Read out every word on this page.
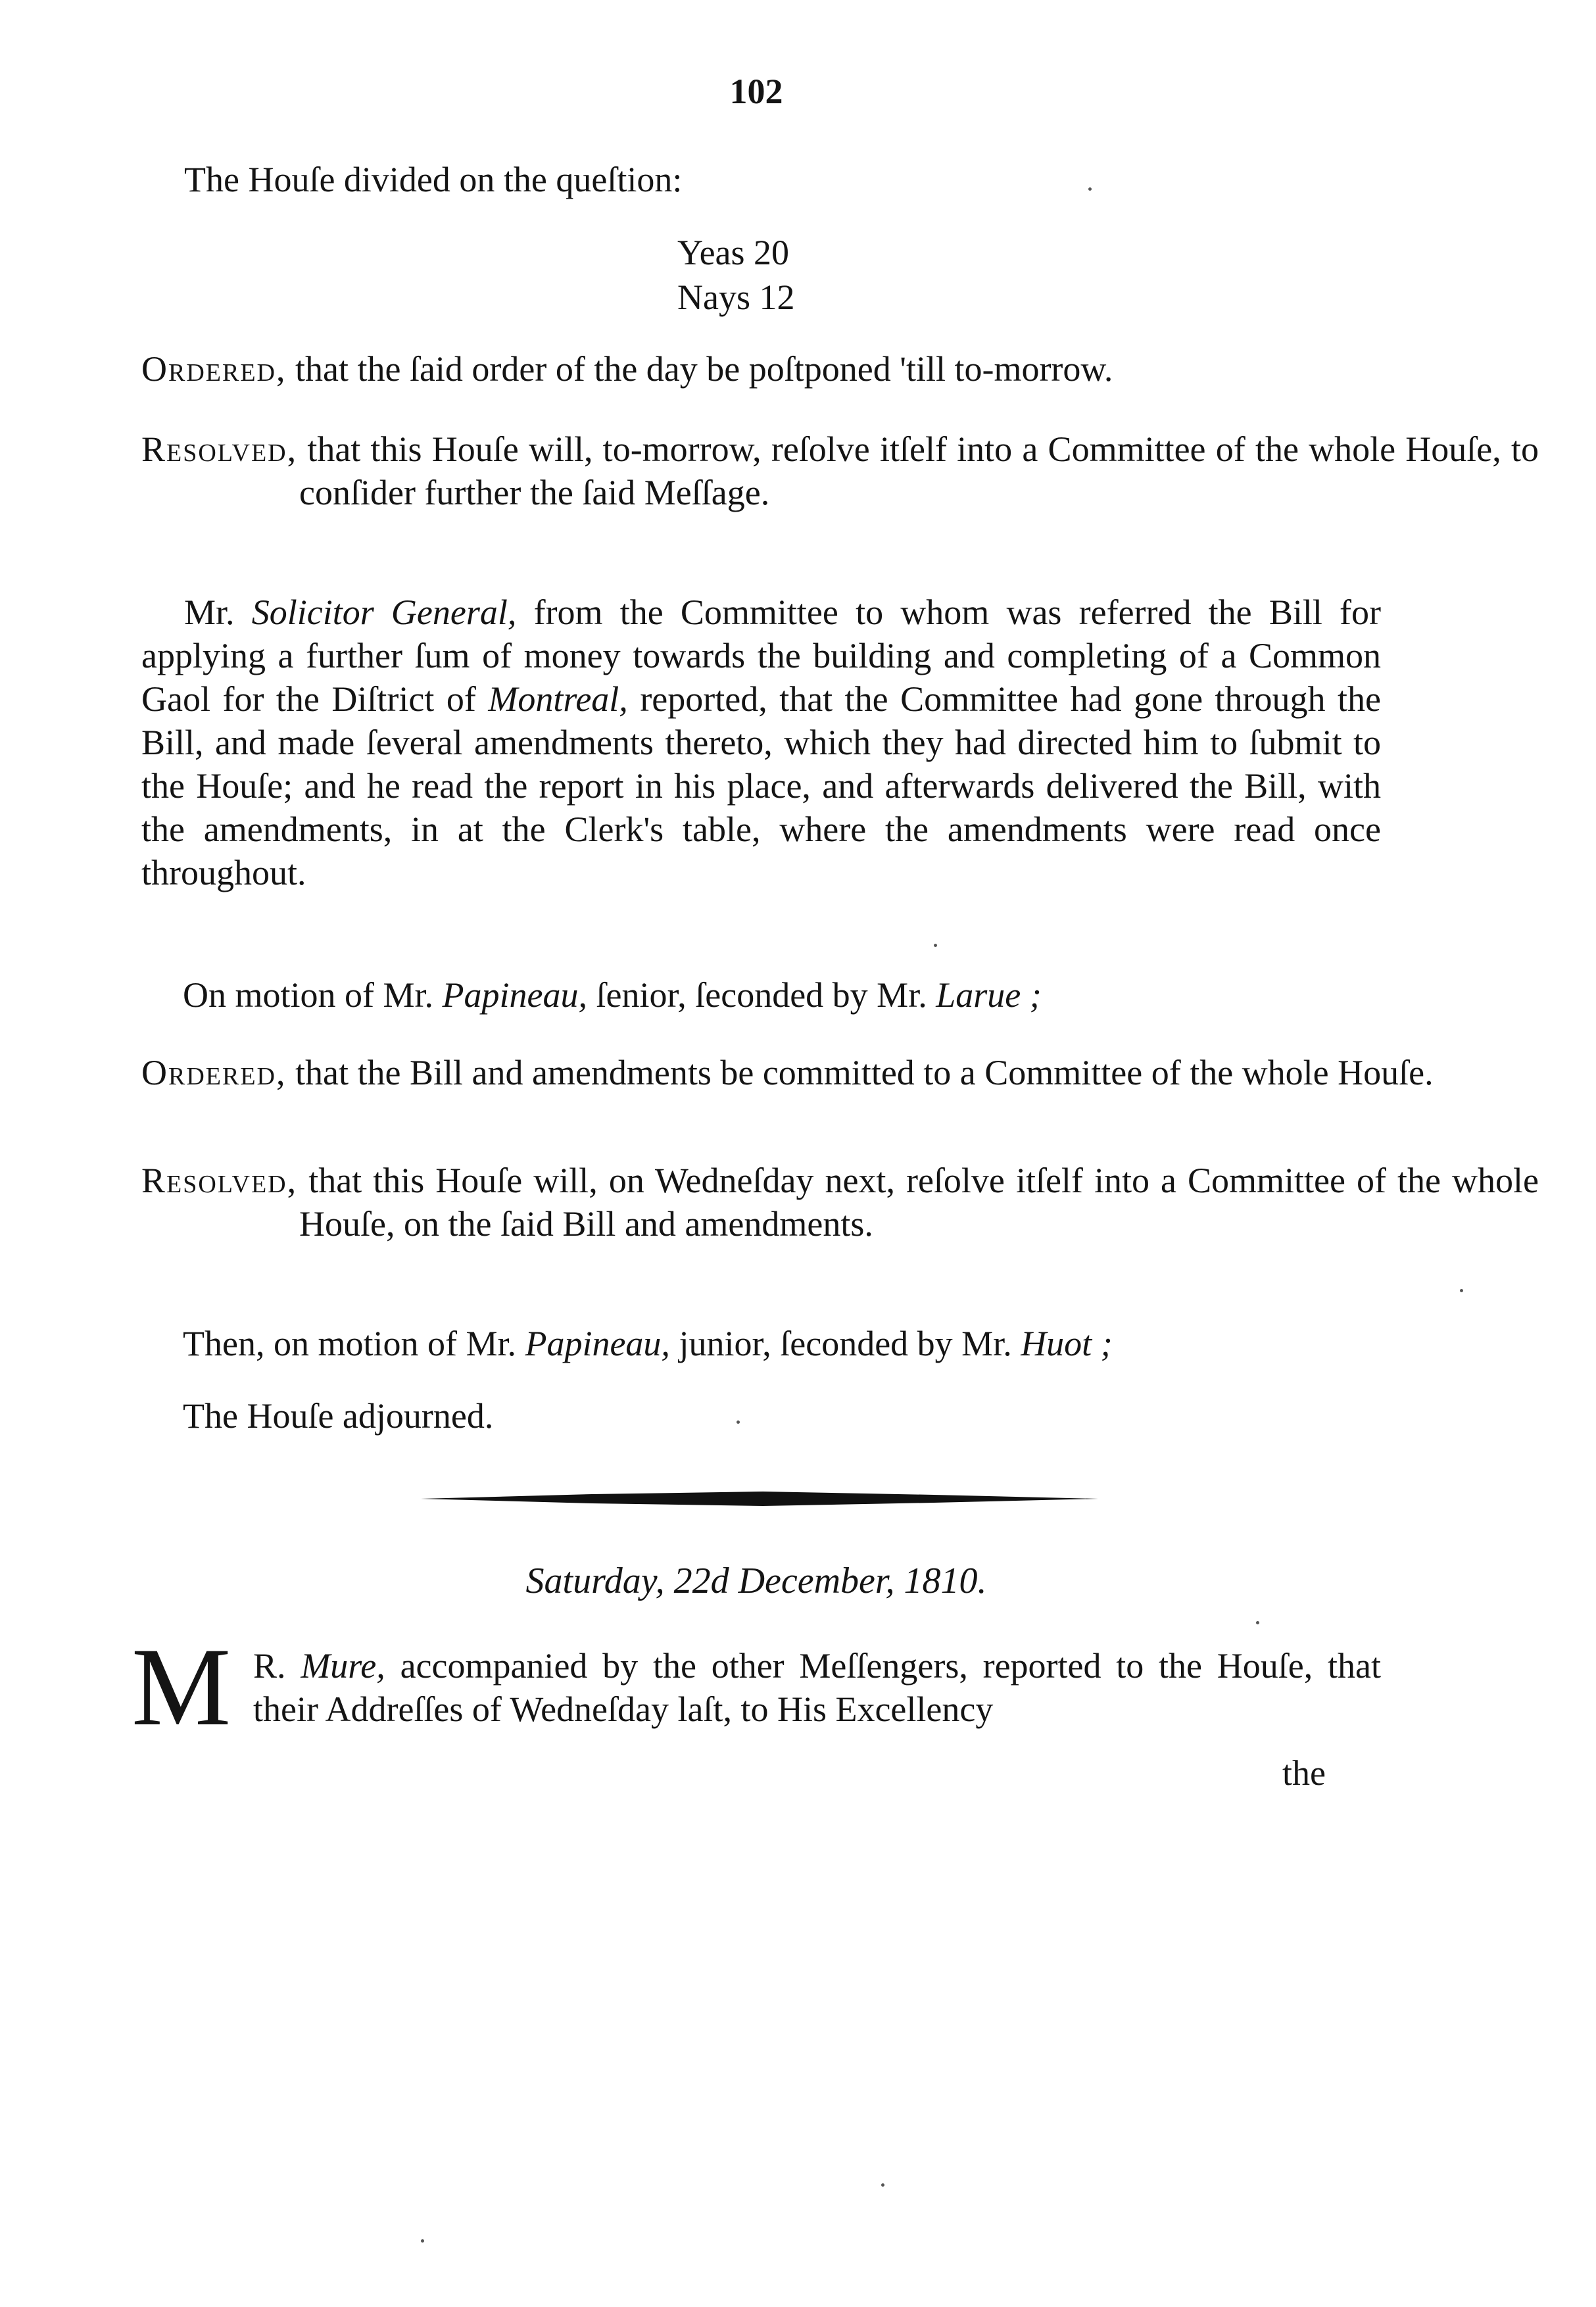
102

The Houſe divided on the queſtion:

Yeas 20
Nays 12

Ordered, that the ſaid order of the day be poſtponed 'till to-morrow.

Resolved, that this Houſe will, to-morrow, reſolve itſelf into a Committee of the whole Houſe, to conſider further the ſaid Meſſage.

Mr. Solicitor General, from the Committee to whom was referred the Bill for applying a further ſum of money towards the building and completing of a Common Gaol for the Diſtrict of Montreal, reported, that the Committee had gone through the Bill, and made ſeveral amendments thereto, which they had directed him to ſubmit to the Houſe; and he read the report in his place, and afterwards delivered the Bill, with the amendments, in at the Clerk's table, where the amendments were read once throughout.

On motion of Mr. Papineau, ſenior, ſeconded by Mr. Larue ;

Ordered, that the Bill and amendments be committed to a Committee of the whole Houſe.

Resolved, that this Houſe will, on Wedneſday next, reſolve itſelf into a Committee of the whole Houſe, on the ſaid Bill and amendments.

Then, on motion of Mr. Papineau, junior, ſeconded by Mr. Huot ;

The Houſe adjourned.

Saturday, 22d December, 1810.
M R. Mure, accompanied by the other Meſſengers, reported to the Houſe, that their Addreſſes of Wedneſday laſt, to His Excellency

the
